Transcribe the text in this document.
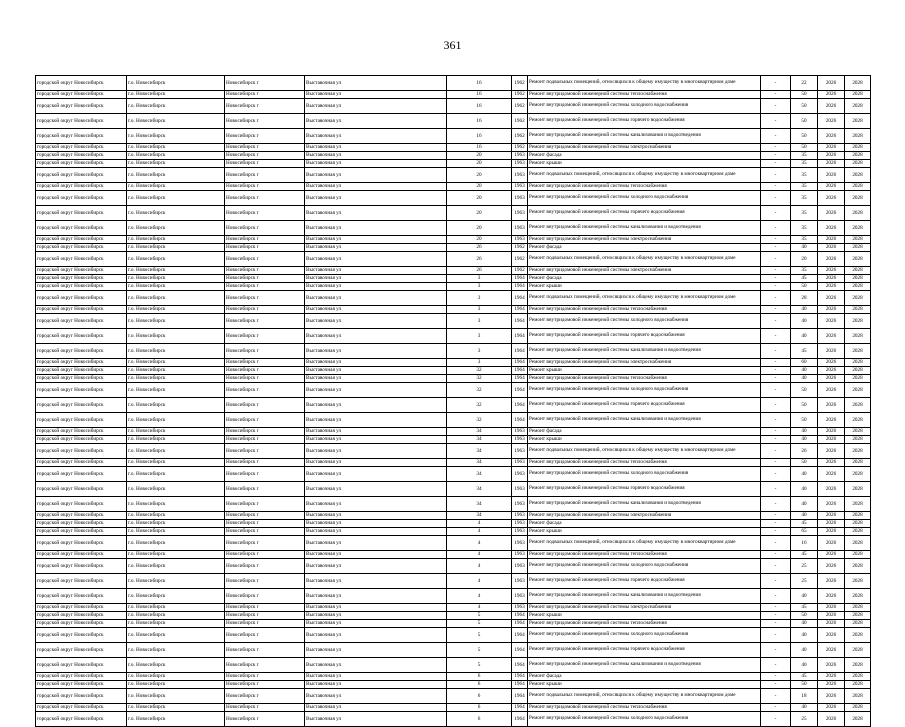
361
городской округ Новосибирск	г.о. Новосибирск	Новосибирск г	Выставочная ул	16	1962	Ремонт подвальных помещений, относящихся к общему имуществу в многоквартирном доме	-	22	2026	2028
городской округ Новосибирск	г.о. Новосибирск	Новосибирск г	Выставочная ул	16	1962	Ремонт внутридомовой инженерной системы теплоснабжения	-	50	2026	2028
городской округ Новосибирск	г.о. Новосибирск	Новосибирск г	Выставочная ул	16	1962	Ремонт внутридомовой инженерной системы холодного водоснабжения	-	50	2026	2028
городской округ Новосибирск	г.о. Новосибирск	Новосибирск г	Выставочная ул	16	1962	Ремонт внутридомовой инженерной системы горячего водоснабжения	-	50	2026	2028
городской округ Новосибирск	г.о. Новосибирск	Новосибирск г	Выставочная ул	16	1962	Ремонт внутридомовой инженерной системы канализования и водоотведения	-	50	2026	2028
городской округ Новосибирск	г.о. Новосибирск	Новосибирск г	Выставочная ул	16	1962	Ремонт внутридомовой инженерной системы электроснабжения	-	50	2026	2028
городской округ Новосибирск	г.о. Новосибирск	Новосибирск г	Выставочная ул	20	1963	Ремонт фасада	-	35	2026	2028
городской округ Новосибирск	г.о. Новосибирск	Новосибирск г	Выставочная ул	20	1963	Ремонт крыши	-	35	2026	2028
городской округ Новосибирск	г.о. Новосибирск	Новосибирск г	Выставочная ул	20	1963	Ремонт подвальных помещений, относящихся к общему имуществу в многоквартирном доме	-	35	2026	2028
городской округ Новосибирск	г.о. Новосибирск	Новосибирск г	Выставочная ул	20	1963	Ремонт внутридомовой инженерной системы теплоснабжения	-	35	2026	2028
городской округ Новосибирск	г.о. Новосибирск	Новосибирск г	Выставочная ул	20	1963	Ремонт внутридомовой инженерной системы холодного водоснабжения	-	35	2026	2028
городской округ Новосибирск	г.о. Новосибирск	Новосибирск г	Выставочная ул	20	1963	Ремонт внутридомовой инженерной системы горячего водоснабжения	-	35	2026	2028
городской округ Новосибирск	г.о. Новосибирск	Новосибирск г	Выставочная ул	20	1963	Ремонт внутридомовой инженерной системы канализования и водоотведения	-	35	2026	2028
городской округ Новосибирск	г.о. Новосибирск	Новосибирск г	Выставочная ул	20	1963	Ремонт внутридомовой инженерной системы электроснабжения	-	35	2026	2028
городской округ Новосибирск	г.о. Новосибирск	Новосибирск г	Выставочная ул	26	1962	Ремонт фасада	-	40	2026	2028
городской округ Новосибирск	г.о. Новосибирск	Новосибирск г	Выставочная ул	26	1962	Ремонт подвальных помещений, относящихся к общему имуществу в многоквартирном доме	-	20	2026	2028
городской округ Новосибирск	г.о. Новосибирск	Новосибирск г	Выставочная ул	26	1962	Ремонт внутридомовой инженерной системы электроснабжения	-	35	2026	2028
городской округ Новосибирск	г.о. Новосибирск	Новосибирск г	Выставочная ул	3	1964	Ремонт фасада	-	45	2026	2028
городской округ Новосибирск	г.о. Новосибирск	Новосибирск г	Выставочная ул	3	1964	Ремонт крыши	-	50	2026	2028
городской округ Новосибирск	г.о. Новосибирск	Новосибирск г	Выставочная ул	3	1964	Ремонт подвальных помещений, относящихся к общему имуществу в многоквартирном доме	-	28	2026	2028
городской округ Новосибирск	г.о. Новосибирск	Новосибирск г	Выставочная ул	3	1964	Ремонт внутридомовой инженерной системы теплоснабжения	-	40	2026	2028
городской округ Новосибирск	г.о. Новосибирск	Новосибирск г	Выставочная ул	3	1964	Ремонт внутридомовой инженерной системы холодного водоснабжения	-	40	2026	2028
городской округ Новосибирск	г.о. Новосибирск	Новосибирск г	Выставочная ул	3	1964	Ремонт внутридомовой инженерной системы горячего водоснабжения	-	40	2026	2028
городской округ Новосибирск	г.о. Новосибирск	Новосибирск г	Выставочная ул	3	1964	Ремонт внутридомовой инженерной системы канализования и водоотведения	-	45	2026	2028
городской округ Новосибирск	г.о. Новосибирск	Новосибирск г	Выставочная ул	3	1964	Ремонт внутридомовой инженерной системы электроснабжения	-	60	2026	2028
городской округ Новосибирск	г.о. Новосибирск	Новосибирск г	Выставочная ул	32	1964	Ремонт крыши	-	40	2026	2028
городской округ Новосибирск	г.о. Новосибирск	Новосибирск г	Выставочная ул	32	1964	Ремонт внутридомовой инженерной системы теплоснабжения	-	40	2026	2028
городской округ Новосибирск	г.о. Новосибирск	Новосибирск г	Выставочная ул	32	1964	Ремонт внутридомовой инженерной системы холодного водоснабжения	-	50	2026	2028
городской округ Новосибирск	г.о. Новосибирск	Новосибирск г	Выставочная ул	32	1964	Ремонт внутридомовой инженерной системы горячего водоснабжения	-	50	2026	2028
городской округ Новосибирск	г.о. Новосибирск	Новосибирск г	Выставочная ул	32	1964	Ремонт внутридомовой инженерной системы канализования и водоотведения	-	50	2026	2028
городской округ Новосибирск	г.о. Новосибирск	Новосибирск г	Выставочная ул	34	1963	Ремонт фасада	-	40	2026	2028
городской округ Новосибирск	г.о. Новосибирск	Новосибирск г	Выставочная ул	34	1963	Ремонт крыши	-	40	2026	2028
городской округ Новосибирск	г.о. Новосибирск	Новосибирск г	Выставочная ул	34	1963	Ремонт подвальных помещений, относящихся к общему имуществу в многоквартирном доме	-	26	2026	2028
городской округ Новосибирск	г.о. Новосибирск	Новосибирск г	Выставочная ул	34	1963	Ремонт внутридомовой инженерной системы теплоснабжения	-	50	2026	2028
городской округ Новосибирск	г.о. Новосибирск	Новосибирск г	Выставочная ул	34	1963	Ремонт внутридомовой инженерной системы холодного водоснабжения	-	40	2026	2028
городской округ Новосибирск	г.о. Новосибирск	Новосибирск г	Выставочная ул	34	1963	Ремонт внутридомовой инженерной системы горячего водоснабжения	-	40	2026	2028
городской округ Новосибирск	г.о. Новосибирск	Новосибирск г	Выставочная ул	34	1963	Ремонт внутридомовой инженерной системы канализования и водоотведения	-	40	2026	2028
городской округ Новосибирск	г.о. Новосибирск	Новосибирск г	Выставочная ул	34	1963	Ремонт внутридомовой инженерной системы электроснабжения	-	40	2026	2028
городской округ Новосибирск	г.о. Новосибирск	Новосибирск г	Выставочная ул	4	1963	Ремонт фасада	-	45	2026	2028
городской округ Новосибирск	г.о. Новосибирск	Новосибирск г	Выставочная ул	4	1963	Ремонт крыши	-	65	2026	2028
городской округ Новосибирск	г.о. Новосибирск	Новосибирск г	Выставочная ул	4	1963	Ремонт подвальных помещений, относящихся к общему имуществу в многоквартирном доме	-	16	2026	2028
городской округ Новосибирск	г.о. Новосибирск	Новосибирск г	Выставочная ул	4	1963	Ремонт внутридомовой инженерной системы теплоснабжения	-	45	2026	2028
городской округ Новосибирск	г.о. Новосибирск	Новосибирск г	Выставочная ул	4	1963	Ремонт внутридомовой инженерной системы холодного водоснабжения	-	25	2026	2028
городской округ Новосибирск	г.о. Новосибирск	Новосибирск г	Выставочная ул	4	1963	Ремонт внутридомовой инженерной системы горячего водоснабжения	-	25	2026	2028
городской округ Новосибирск	г.о. Новосибирск	Новосибирск г	Выставочная ул	4	1963	Ремонт внутридомовой инженерной системы канализования и водоотведения	-	40	2026	2028
городской округ Новосибирск	г.о. Новосибирск	Новосибирск г	Выставочная ул	4	1963	Ремонт внутридомовой инженерной системы электроснабжения	-	45	2026	2028
городской округ Новосибирск	г.о. Новосибирск	Новосибирск г	Выставочная ул	5	1964	Ремонт крыши	-	50	2026	2028
городской округ Новосибирск	г.о. Новосибирск	Новосибирск г	Выставочная ул	5	1964	Ремонт внутридомовой инженерной системы теплоснабжения	-	40	2026	2028
городской округ Новосибирск	г.о. Новосибирск	Новосибирск г	Выставочная ул	5	1964	Ремонт внутридомовой инженерной системы холодного водоснабжения	-	40	2026	2028
городской округ Новосибирск	г.о. Новосибирск	Новосибирск г	Выставочная ул	5	1964	Ремонт внутридомовой инженерной системы горячего водоснабжения	-	40	2026	2028
городской округ Новосибирск	г.о. Новосибирск	Новосибирск г	Выставочная ул	5	1964	Ремонт внутридомовой инженерной системы канализования и водоотведения	-	40	2026	2028
городской округ Новосибирск	г.о. Новосибирск	Новосибирск г	Выставочная ул	6	1964	Ремонт фасада	-	45	2026	2028
городской округ Новосибирск	г.о. Новосибирск	Новосибирск г	Выставочная ул	6	1964	Ремонт крыши	-	50	2026	2028
городской округ Новосибирск	г.о. Новосибирск	Новосибирск г	Выставочная ул	6	1964	Ремонт подвальных помещений, относящихся к общему имуществу в многоквартирном доме	-	18	2026	2028
городской округ Новосибирск	г.о. Новосибирск	Новосибирск г	Выставочная ул	6	1964	Ремонт внутридомовой инженерной системы теплоснабжения	-	40	2026	2028
городской округ Новосибирск	г.о. Новосибирск	Новосибирск г	Выставочная ул	6	1964	Ремонт внутридомовой инженерной системы холодного водоснабжения	-	25	2026	2028
